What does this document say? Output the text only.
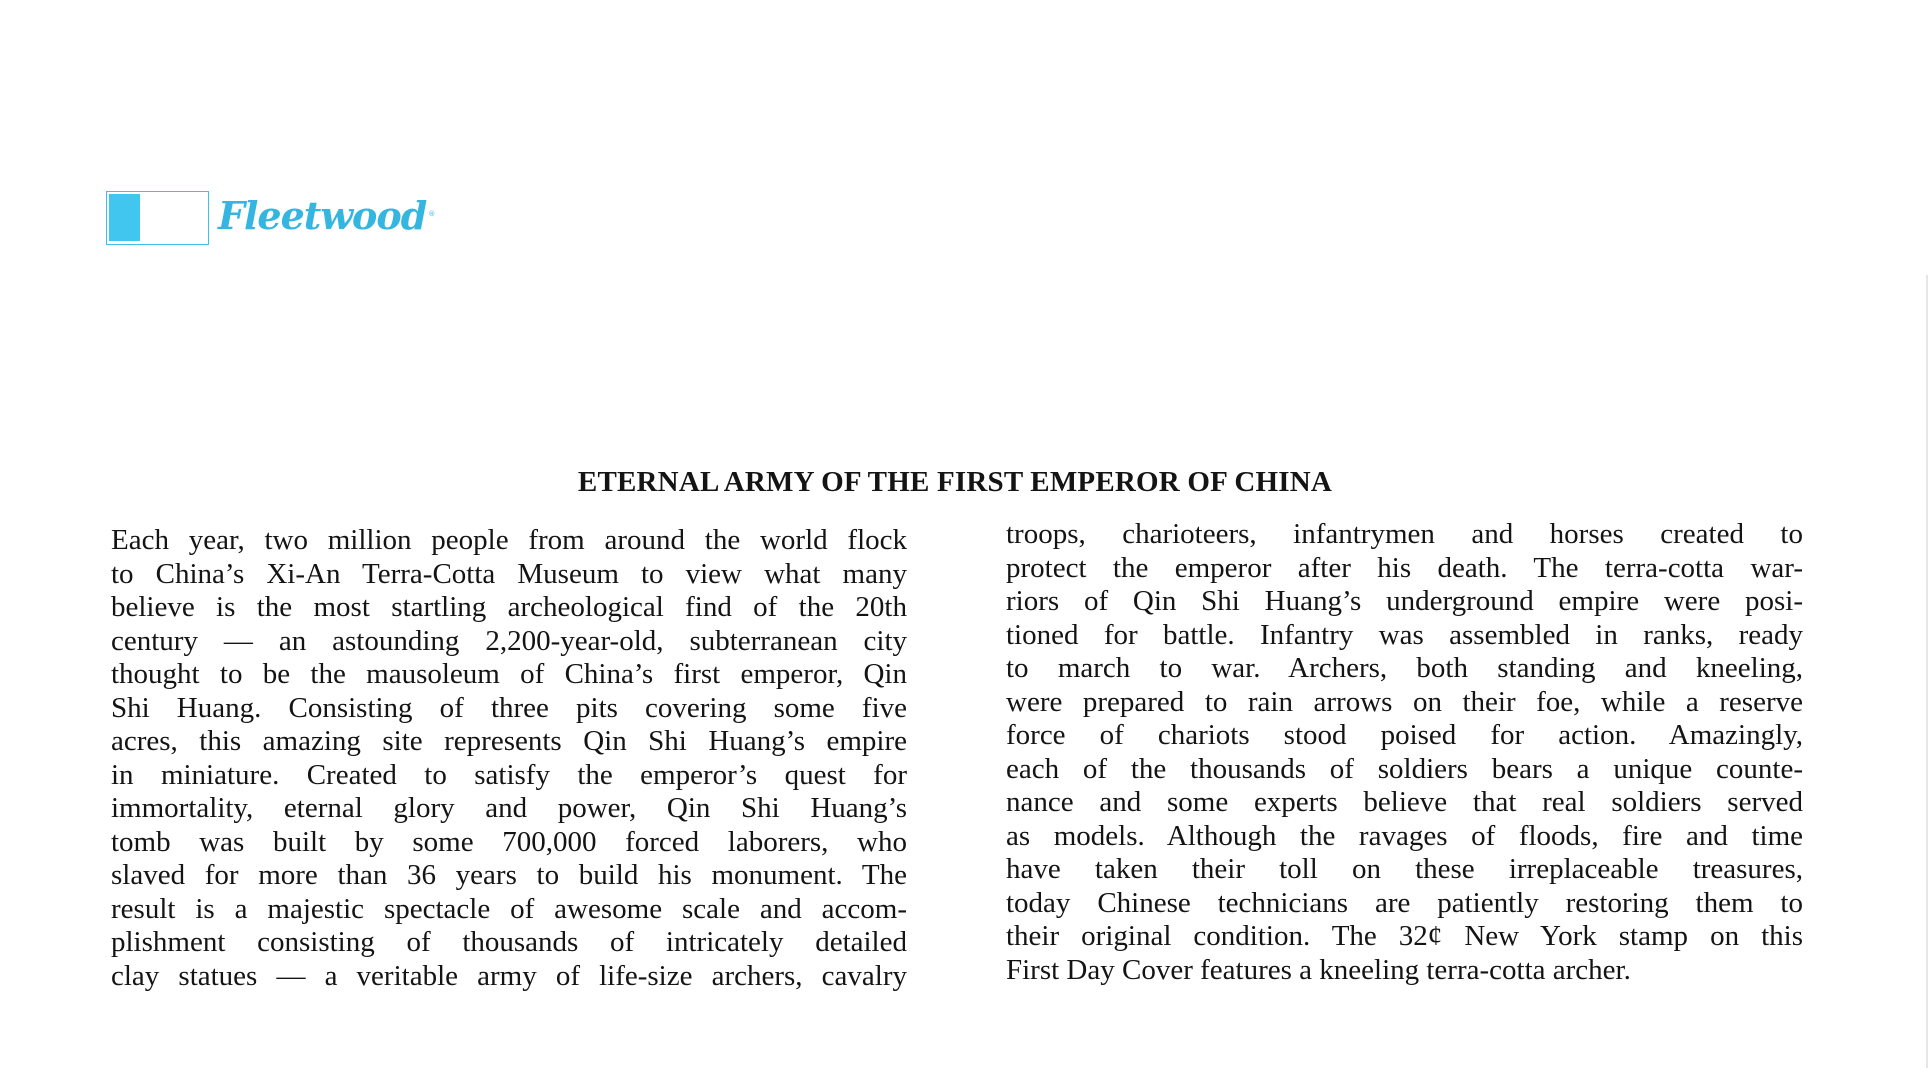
Fleetwood ®
ETERNAL ARMY OF THE FIRST EMPEROR OF CHINA
Each year, two million people from around the world flock
to China’s Xi-An Terra-Cotta Museum to view what many
believe is the most startling archeological find of the 20th
century — an astounding 2,200-year-old, subterranean city
thought to be the mausoleum of China’s first emperor, Qin
Shi Huang. Consisting of three pits covering some five
acres, this amazing site represents Qin Shi Huang’s empire
in miniature. Created to satisfy the emperor’s quest for
immortality, eternal glory and power, Qin Shi Huang’s
tomb was built by some 700,000 forced laborers, who
slaved for more than 36 years to build his monument. The
result is a majestic spectacle of awesome scale and accom-
plishment consisting of thousands of intricately detailed
clay statues — a veritable army of life-size archers, cavalry
troops, charioteers, infantrymen and horses created to
protect the emperor after his death. The terra-cotta war-
riors of Qin Shi Huang’s underground empire were posi-
tioned for battle. Infantry was assembled in ranks, ready
to march to war. Archers, both standing and kneeling,
were prepared to rain arrows on their foe, while a reserve
force of chariots stood poised for action. Amazingly,
each of the thousands of soldiers bears a unique counte-
nance and some experts believe that real soldiers served
as models. Although the ravages of floods, fire and time
have taken their toll on these irreplaceable treasures,
today Chinese technicians are patiently restoring them to
their original condition. The 32¢ New York stamp on this
First Day Cover features a kneeling terra-cotta archer.
